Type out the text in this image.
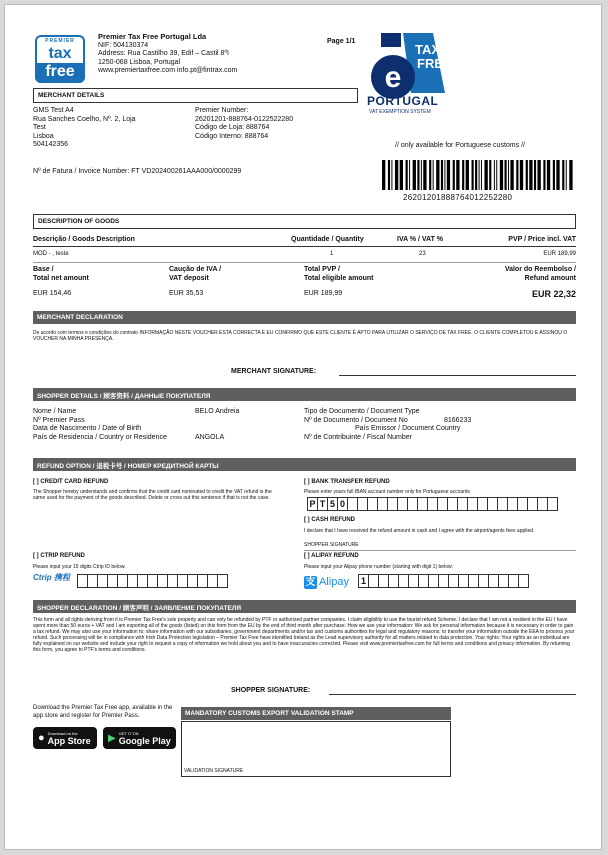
PREMIER
tax
free
Premier Tax Free Portugal Lda
NIF: 504130374
Address: Rua Castilho 39, Edif – Castil 8ºI
1250-068 Lisboa, Portugal
www.premiertaxfree.com info.pt@fintrax.com
Page 1/1
e
TAX
FREE
PORTUGAL
VAT EXEMPTION SYSTEM
// only available for Portuguese customs //
26201201888764012252280
MERCHANT DETAILS
GMS Test A4
Rua Sanches Coelho, Nº. 2, Loja
Test
Lisboa
504142356
Premier Number:
26201201-888764-0122522280
Código de Loja: 888764
Código Interno: 888764
Nº de Fatura / Invoice Number: FT VD202400261AAA000/0000299
DESCRIPTION OF GOODS
Descrição / Goods Description	Quantidade / Quantity	IVA % / VAT %	PVP / Price incl. VAT
MOD - , teste	1	23	EUR 189,99
Base /
Total net amount
Caução de IVA /
VAT deposit
Total PVP /
Total eligible amount
Valor do Reembolso /
Refund amount
EUR 154,46	EUR 35,53	EUR 189,99	EUR 22,32
MERCHANT DECLARATION
De acordo com termos e condições do contrato INFORMAÇÃO NESTE VOUCHER ESTA CORRECTA E EU CONFIRMO QUE ESTE CLIENTE É APTO PARA UTILIZAR O SERVIÇO DE TAX FREE. O CLIENTE COMPLETOU E ASSINOU O VOUCHER NA MINHA PRESENÇA.
MERCHANT SIGNATURE:
SHOPPER DETAILS / 顾客资料 / ДАННЫЕ ПОКУПАТЕЛЯ
Nome / Name	BELO Andreia
Nº Premier Pass
Data de Nascimento / Date of Birth
País de Residencia / Country or Residence	ANGOLA
Tipo de Documento / Document Type
Nº de Documento / Document No	8166233
País Emissor / Document Country
Nº de Contribuinte / Fiscal Number
REFUND OPTION / 退税卡号 / НОМЕР КРЕДИТНОЙ КАРТЫ
[ ] CREDIT CARD REFUND
The Shopper hereby understands and confirms that the credit card nominated to credit the VAT refund is the same used for the payment of the goods described. Delete or cross out this sentence if that is not the case.
[ ] BANK TRANSFER REFUND
Please enter yours full IBAN account number only for Portuguese accounts
P T 5 0
[ ] CASH REFUND
I declare that I have received the refund amount in cash and I agree with the airport/agents fees applied.
SHOPPER SIGNATURE
[ ] CTRIP REFUND
Please input your 15 digits Ctrip ID below.
Ctrip 携程
[ ] ALIPAY REFUND
Please input your Alipay phone number (starting with digit 1) below:
支 Alipay	1
SHOPPER DECLARATION / 顾客声明 / ЗАЯВЛЕНИЕ ПОКУПАТЕЛЯ
This form and all rights deriving from it is Premier Tax Free's sole property and can only be refunded by PTF or authorized partner companies. I claim eligibility to use the tourist refund Scheme. I declare that I am not a resident in the EU I have spent more than 50 euros + VAT and I am exporting all of the goods (listed) on this form from the EU by the end of third month after purchase. How we use your information: We ask for personal information because it is necessary in order to gain a tax refund. We may also use your information to: share information with our subsidiaries, government departments and/or tax and customs authorities for legal and regulatory reasons; to transfer your information outside the EEA to process your refund. Such processing will be in compliance with Irish Data Protection legislation – Premier Tax Free have identified Ireland as the Lead supervisory authority for all matters related to data protection. Your rights: Your rights as an individual are fully explained on our website and include your right to request a copy of information we hold about you and to have inaccuracies corrected. Please visit www.premiertaxfree.com for full terms and conditions and privacy information. By returning this form, you agree to PTF's terms and conditions.
SHOPPER SIGNATURE:
Download the Premier Tax Free app, available in the app store and register for Premier Pass.
● Download on the
App Store ▶ GET IT ON
Google Play
MANDATORY CUSTOMS EXPORT VALIDATION STAMP
VALIDATION SIGNATURE
